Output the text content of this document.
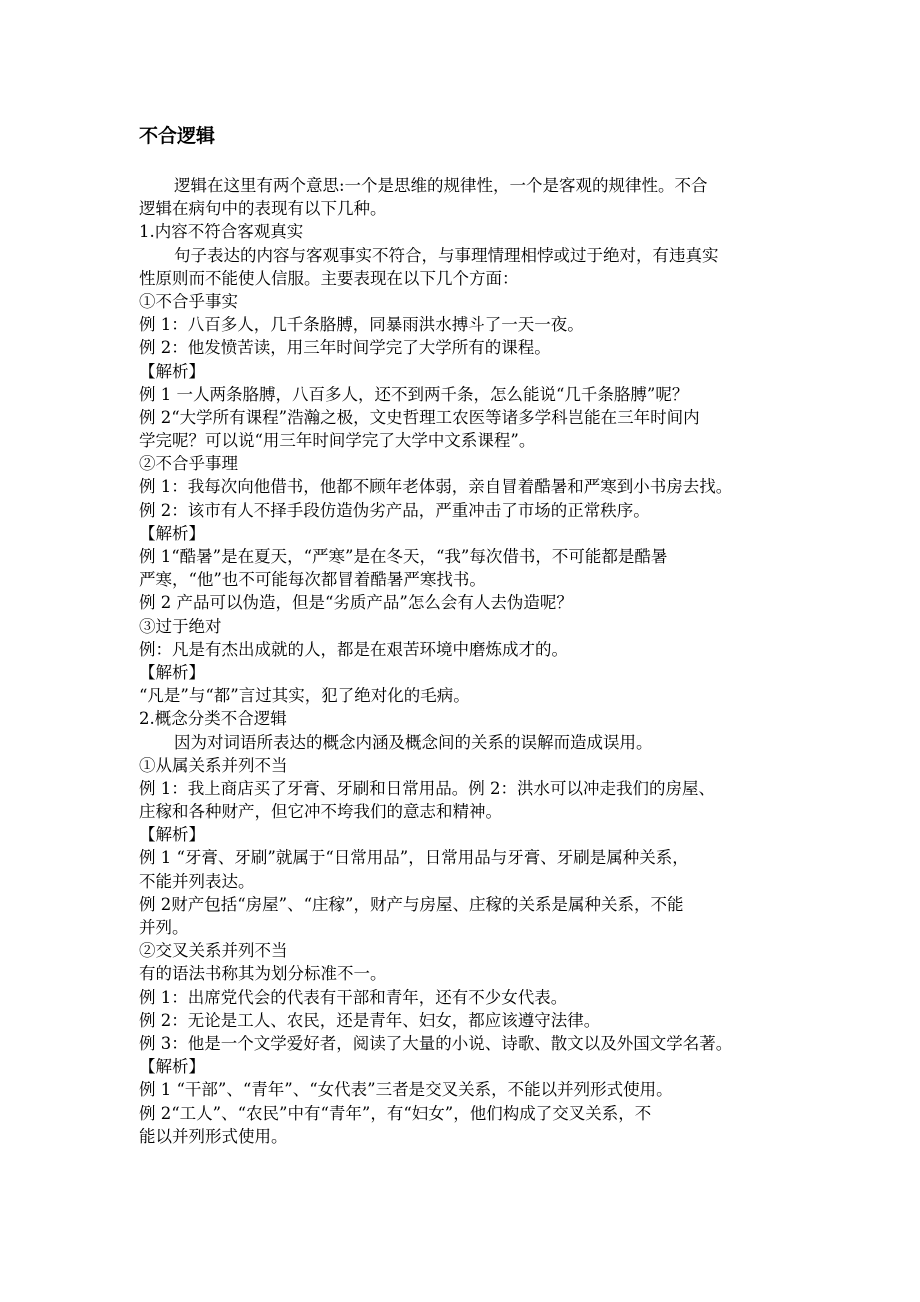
不合逻辑
逻辑在这里有两个意思:一个是思维的规律性，一个是客观的规律性。不合
逻辑在病句中的表现有以下几种。
1.内容不符合客观真实
句子表达的内容与客观事实不符合，与事理情理相悖或过于绝对，有违真实
性原则而不能使人信服。主要表现在以下几个方面：
①不合乎事实
例 1：八百多人，几千条胳膊，同暴雨洪水搏斗了一天一夜。
例 2：他发愤苦读，用三年时间学完了大学所有的课程。
【解析】
例 1 一人两条胳膊，八百多人，还不到两千条，怎么能说“几千条胳膊”呢？
例 2“大学所有课程”浩瀚之极，文史哲理工农医等诸多学科岂能在三年时间内
学完呢？可以说“用三年时间学完了大学中文系课程”。
②不合乎事理
例 1：我每次向他借书，他都不顾年老体弱，亲自冒着酷暑和严寒到小书房去找。
例 2：该市有人不择手段仿造伪劣产品，严重冲击了市场的正常秩序。
【解析】
例 1“酷暑”是在夏天，“严寒”是在冬天，“我”每次借书，不可能都是酷暑
严寒，“他”也不可能每次都冒着酷暑严寒找书。
例 2 产品可以伪造，但是“劣质产品”怎么会有人去伪造呢？
③过于绝对
例：凡是有杰出成就的人，都是在艰苦环境中磨炼成才的。
【解析】
“凡是”与“都”言过其实，犯了绝对化的毛病。
2.概念分类不合逻辑
因为对词语所表达的概念内涵及概念间的关系的误解而造成误用。
①从属关系并列不当
例 1：我上商店买了牙膏、牙刷和日常用品。例 2：洪水可以冲走我们的房屋、
庄稼和各种财产，但它冲不垮我们的意志和精神。
【解析】
例 1 “牙膏、牙刷”就属于“日常用品”，日常用品与牙膏、牙刷是属种关系，
不能并列表达。
例 2财产包括“房屋”、“庄稼”，财产与房屋、庄稼的关系是属种关系，不能
并列。
②交叉关系并列不当
有的语法书称其为划分标准不一。
例 1：出席党代会的代表有干部和青年，还有不少女代表。
例 2：无论是工人、农民，还是青年、妇女，都应该遵守法律。
例 3：他是一个文学爱好者，阅读了大量的小说、诗歌、散文以及外国文学名著。
【解析】
例 1 “干部”、“青年”、“女代表”三者是交叉关系，不能以并列形式使用。
例 2“工人”、“农民”中有“青年”，有“妇女”，他们构成了交叉关系，不
能以并列形式使用。
